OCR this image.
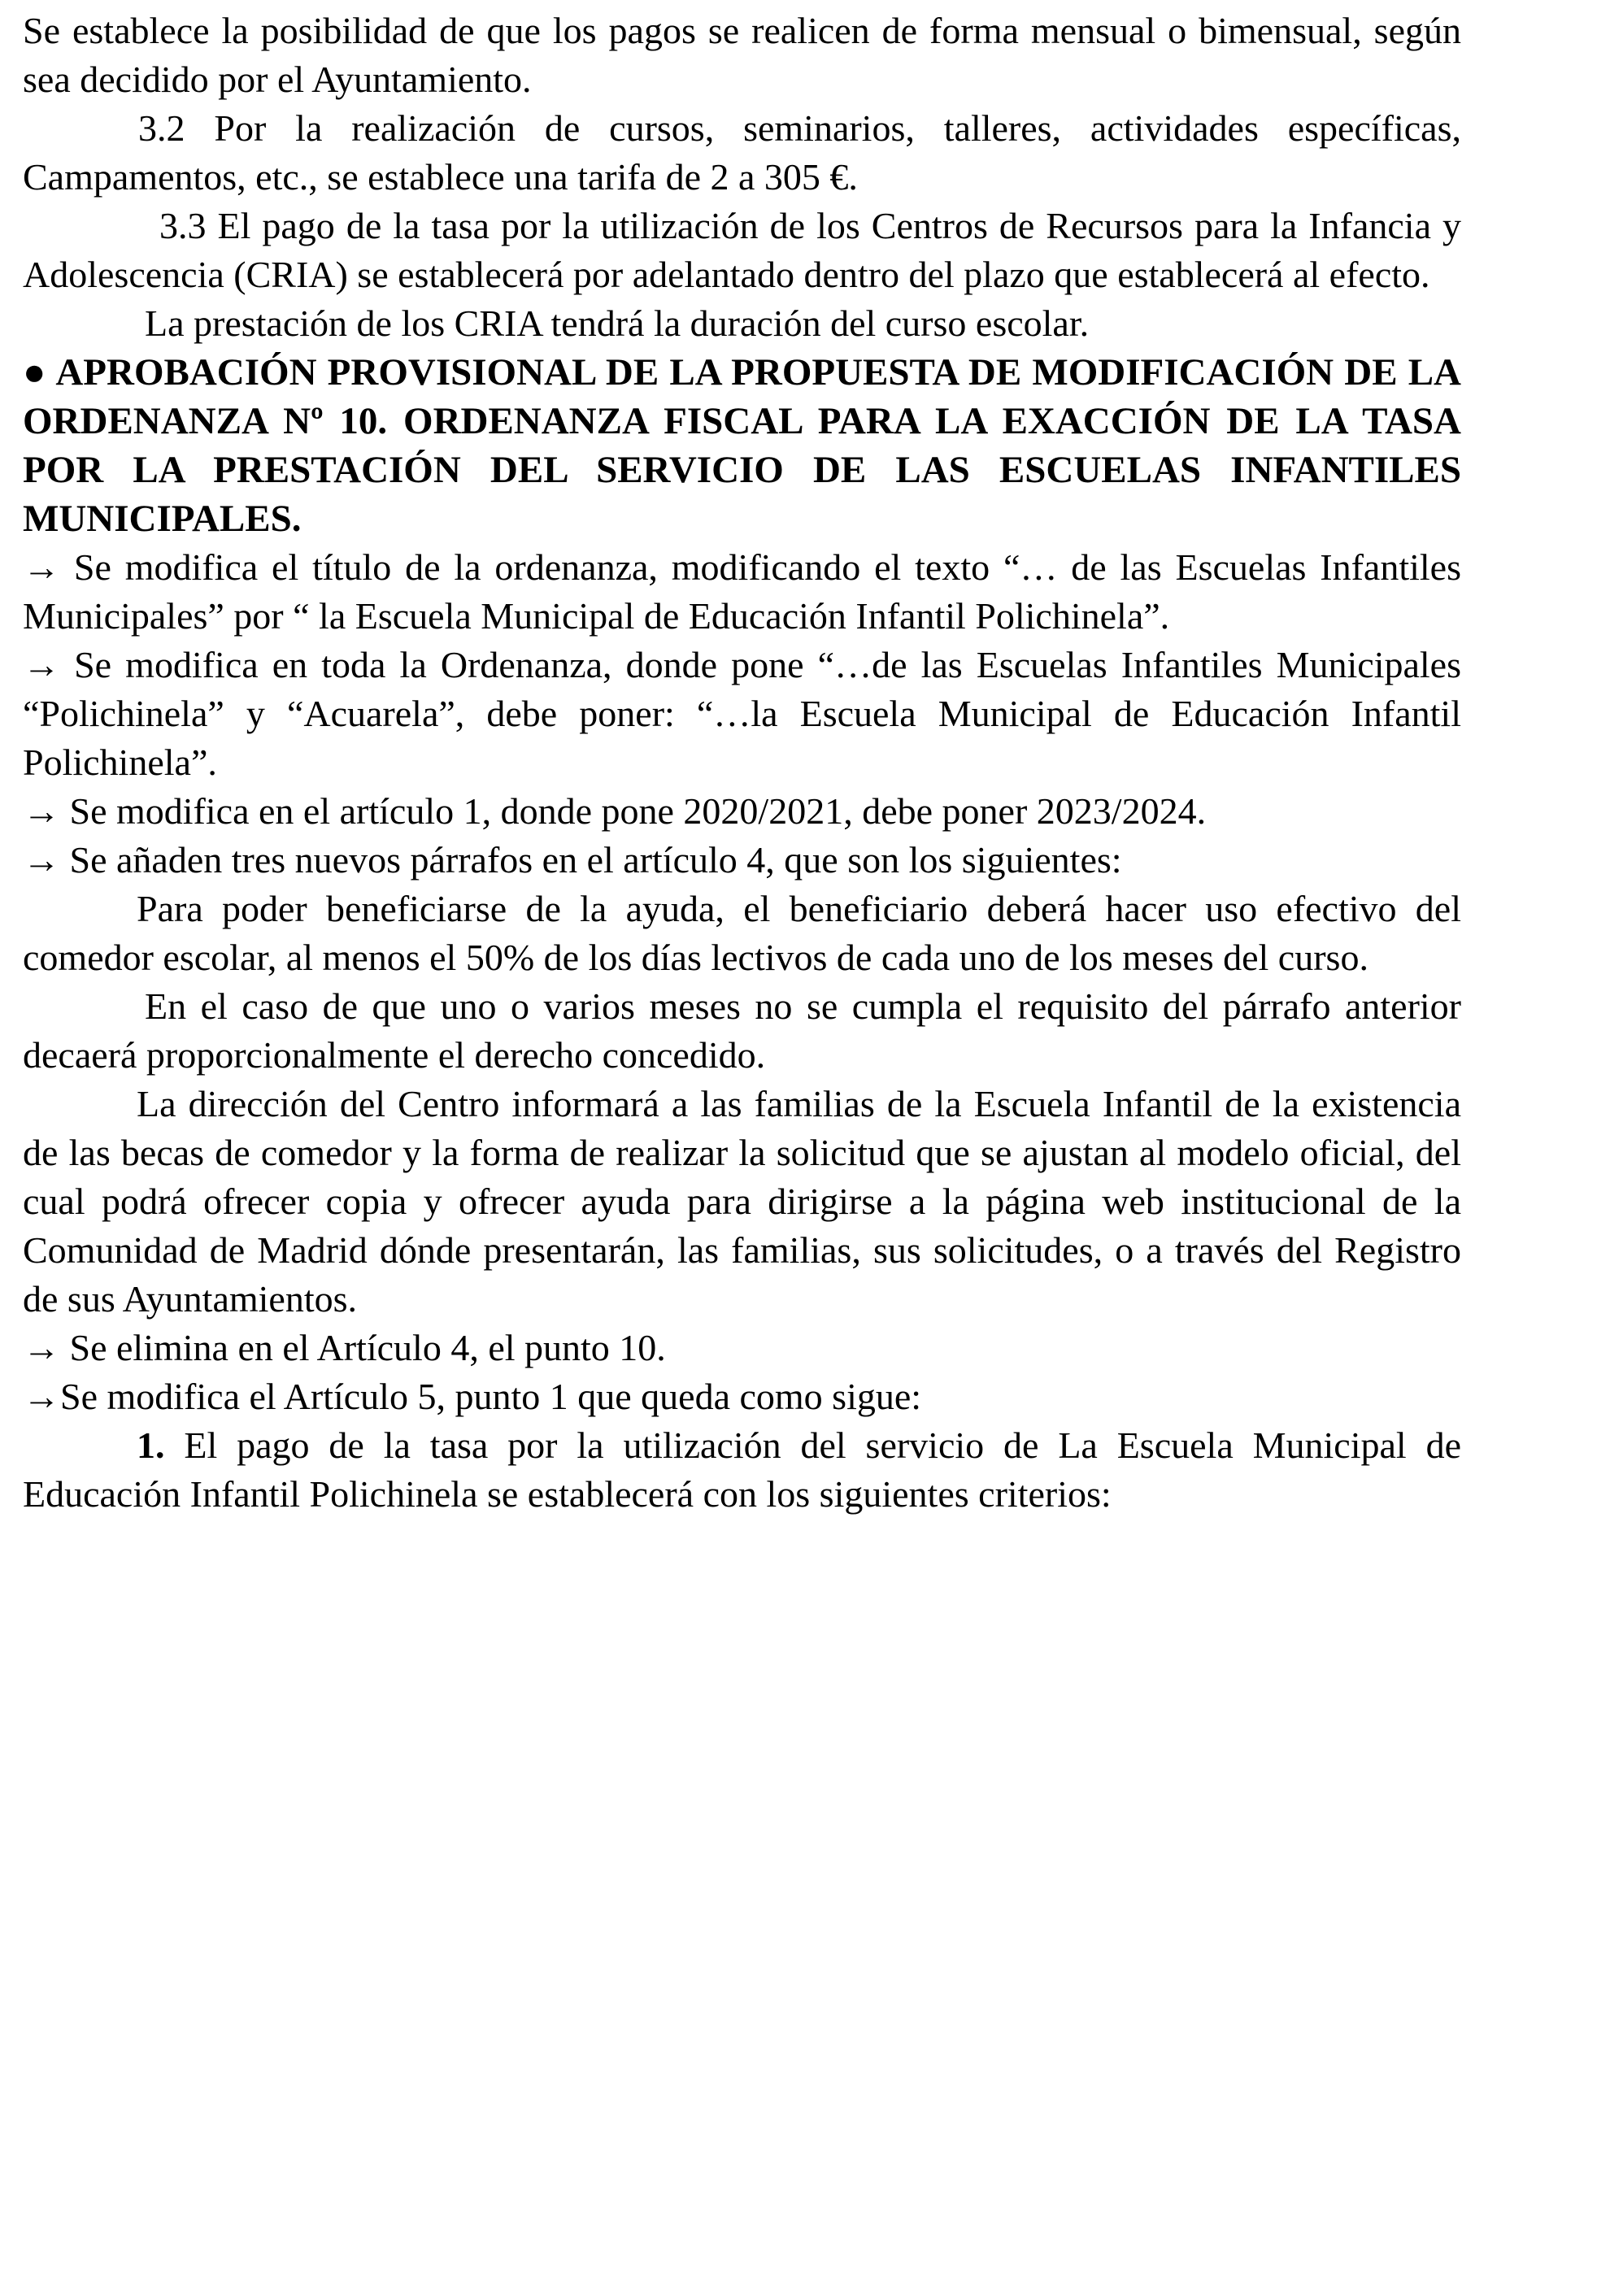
Se establece la posibilidad de que los pagos se realicen de forma mensual o bimensual, según sea decidido por el Ayuntamiento.

3.2 Por la realización de cursos, seminarios, talleres, actividades específicas, Campamentos, etc., se establece una tarifa de 2 a 305 €.

3.3 El pago de la tasa por la utilización de los Centros de Recursos para la Infancia y Adolescencia (CRIA) se establecerá por adelantado dentro del plazo que establecerá al efecto.

La prestación de los CRIA tendrá la duración del curso escolar.

● APROBACIÓN PROVISIONAL DE LA PROPUESTA DE MODIFICACIÓN DE LA ORDENANZA Nº 10. ORDENANZA FISCAL PARA LA EXACCIÓN DE LA TASA POR LA PRESTACIÓN DEL SERVICIO DE LAS ESCUELAS INFANTILES MUNICIPALES.

→ Se modifica el título de la ordenanza, modificando el texto “… de las Escuelas Infantiles Municipales” por “ la Escuela Municipal de Educación Infantil Polichinela”.

→ Se modifica en toda la Ordenanza, donde pone “…de las Escuelas Infantiles Municipales “Polichinela” y “Acuarela”, debe poner: “…la Escuela Municipal de Educación Infantil Polichinela”.

→ Se modifica en el artículo 1, donde pone 2020/2021, debe poner 2023/2024.

→ Se añaden tres nuevos párrafos en el artículo 4, que son los siguientes:

Para poder beneficiarse de la ayuda, el beneficiario deberá hacer uso efectivo del comedor escolar, al menos el 50% de los días lectivos de cada uno de los meses del curso.

En el caso de que uno o varios meses no se cumpla el requisito del párrafo anterior decaerá proporcionalmente el derecho concedido.

La dirección del Centro informará a las familias de la Escuela Infantil de la existencia de las becas de comedor y la forma de realizar la solicitud que se ajustan al modelo oficial, del cual podrá ofrecer copia y ofrecer ayuda para dirigirse a la página web institucional de la Comunidad de Madrid dónde presentarán, las familias, sus solicitudes, o a través del Registro de sus Ayuntamientos.

→ Se elimina en el Artículo 4, el punto 10.

→Se modifica el Artículo 5, punto 1 que queda como sigue:

1. El pago de la tasa por la utilización del servicio de La Escuela Municipal de Educación Infantil Polichinela se establecerá con los siguientes criterios:
